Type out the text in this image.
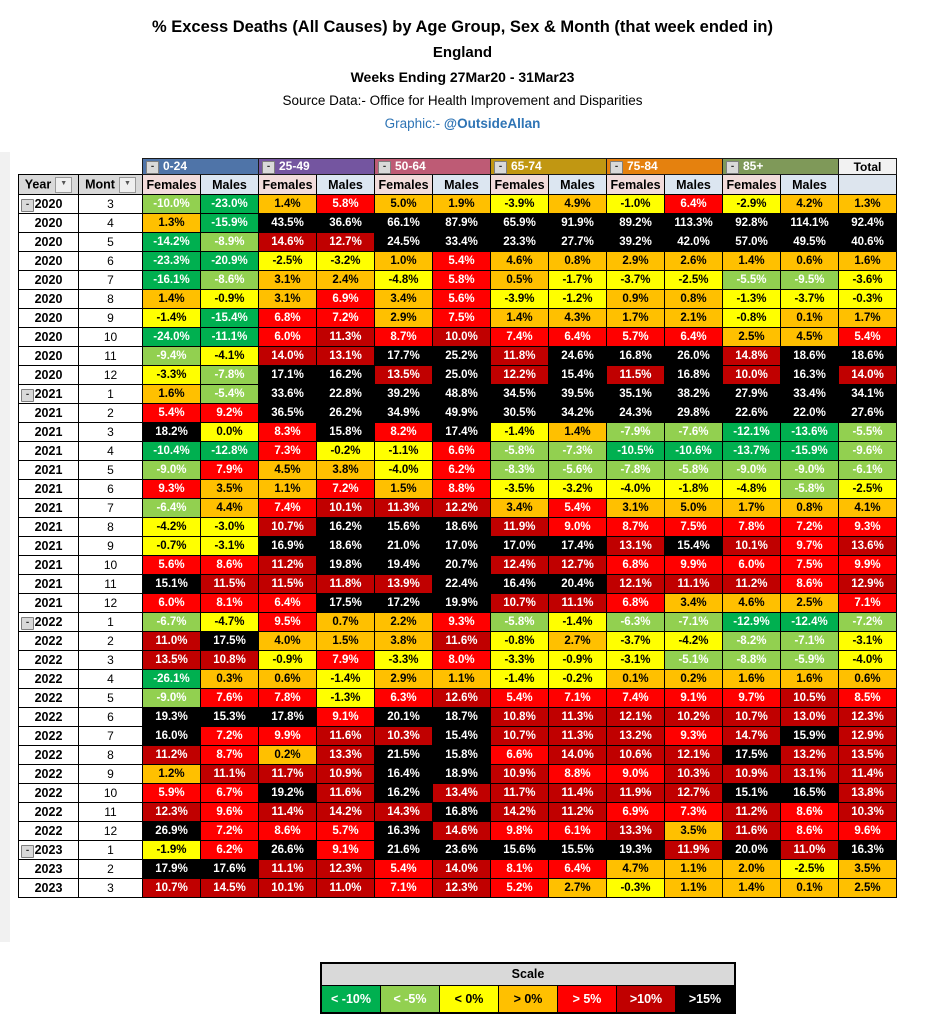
% Excess Deaths (All Causes) by Age Group, Sex & Month (that week ended in)
England
Weeks Ending 27Mar20 - 31Mar23
Source Data:- Office for Health Improvement and Disparities
Graphic:- @OutsideAllan
		- 0-24		- 25-49		- 50-64		- 65-74		- 75-84		- 85+		Total
Year ▼	Mont ▼	Females	Males	Females	Males	Females	Males	Females	Males	Females	Males	Females	Males	

- 2020	3	-10.0%	-23.0%	1.4%	5.8%	5.0%	1.9%	-3.9%	4.9%	-1.0%	6.4%	-2.9%	4.2%	1.3%
2020	4	1.3%	-15.9%	43.5%	36.6%	66.1%	87.9%	65.9%	91.9%	89.2%	113.3%	92.8%	114.1%	92.4%
2020	5	-14.2%	-8.9%	14.6%	12.7%	24.5%	33.4%	23.3%	27.7%	39.2%	42.0%	57.0%	49.5%	40.6%
2020	6	-23.3%	-20.9%	-2.5%	-3.2%	1.0%	5.4%	4.6%	0.8%	2.9%	2.6%	1.4%	0.6%	1.6%
2020	7	-16.1%	-8.6%	3.1%	2.4%	-4.8%	5.8%	0.5%	-1.7%	-3.7%	-2.5%	-5.5%	-9.5%	-3.6%
2020	8	1.4%	-0.9%	3.1%	6.9%	3.4%	5.6%	-3.9%	-1.2%	0.9%	0.8%	-1.3%	-3.7%	-0.3%
2020	9	-1.4%	-15.4%	6.8%	7.2%	2.9%	7.5%	1.4%	4.3%	1.7%	2.1%	-0.8%	0.1%	1.7%
2020	10	-24.0%	-11.1%	6.0%	11.3%	8.7%	10.0%	7.4%	6.4%	5.7%	6.4%	2.5%	4.5%	5.4%
2020	11	-9.4%	-4.1%	14.0%	13.1%	17.7%	25.2%	11.8%	24.6%	16.8%	26.0%	14.8%	18.6%	18.6%
2020	12	-3.3%	-7.8%	17.1%	16.2%	13.5%	25.0%	12.2%	15.4%	11.5%	16.8%	10.0%	16.3%	14.0%

- 2021	1	1.6%	-5.4%	33.6%	22.8%	39.2%	48.8%	34.5%	39.5%	35.1%	38.2%	27.9%	33.4%	34.1%
2021	2	5.4%	9.2%	36.5%	26.2%	34.9%	49.9%	30.5%	34.2%	24.3%	29.8%	22.6%	22.0%	27.6%
2021	3	18.2%	0.0%	8.3%	15.8%	8.2%	17.4%	-1.4%	1.4%	-7.9%	-7.6%	-12.1%	-13.6%	-5.5%
2021	4	-10.4%	-12.8%	7.3%	-0.2%	-1.1%	6.6%	-5.8%	-7.3%	-10.5%	-10.6%	-13.7%	-15.9%	-9.6%
2021	5	-9.0%	7.9%	4.5%	3.8%	-4.0%	6.2%	-8.3%	-5.6%	-7.8%	-5.8%	-9.0%	-9.0%	-6.1%
2021	6	9.3%	3.5%	1.1%	7.2%	1.5%	8.8%	-3.5%	-3.2%	-4.0%	-1.8%	-4.8%	-5.8%	-2.5%
2021	7	-6.4%	4.4%	7.4%	10.1%	11.3%	12.2%	3.4%	5.4%	3.1%	5.0%	1.7%	0.8%	4.1%
2021	8	-4.2%	-3.0%	10.7%	16.2%	15.6%	18.6%	11.9%	9.0%	8.7%	7.5%	7.8%	7.2%	9.3%
2021	9	-0.7%	-3.1%	16.9%	18.6%	21.0%	17.0%	17.0%	17.4%	13.1%	15.4%	10.1%	9.7%	13.6%
2021	10	5.6%	8.6%	11.2%	19.8%	19.4%	20.7%	12.4%	12.7%	6.8%	9.9%	6.0%	7.5%	9.9%
2021	11	15.1%	11.5%	11.5%	11.8%	13.9%	22.4%	16.4%	20.4%	12.1%	11.1%	11.2%	8.6%	12.9%
2021	12	6.0%	8.1%	6.4%	17.5%	17.2%	19.9%	10.7%	11.1%	6.8%	3.4%	4.6%	2.5%	7.1%

- 2022	1	-6.7%	-4.7%	9.5%	0.7%	2.2%	9.3%	-5.8%	-1.4%	-6.3%	-7.1%	-12.9%	-12.4%	-7.2%
2022	2	11.0%	17.5%	4.0%	1.5%	3.8%	11.6%	-0.8%	2.7%	-3.7%	-4.2%	-8.2%	-7.1%	-3.1%
2022	3	13.5%	10.8%	-0.9%	7.9%	-3.3%	8.0%	-3.3%	-0.9%	-3.1%	-5.1%	-8.8%	-5.9%	-4.0%
2022	4	-26.1%	0.3%	0.6%	-1.4%	2.9%	1.1%	-1.4%	-0.2%	0.1%	0.2%	1.6%	1.6%	0.6%
2022	5	-9.0%	7.6%	7.8%	-1.3%	6.3%	12.6%	5.4%	7.1%	7.4%	9.1%	9.7%	10.5%	8.5%
2022	6	19.3%	15.3%	17.8%	9.1%	20.1%	18.7%	10.8%	11.3%	12.1%	10.2%	10.7%	13.0%	12.3%
2022	7	16.0%	7.2%	9.9%	11.6%	10.3%	15.4%	10.7%	11.3%	13.2%	9.3%	14.7%	15.9%	12.9%
2022	8	11.2%	8.7%	0.2%	13.3%	21.5%	15.8%	6.6%	14.0%	10.6%	12.1%	17.5%	13.2%	13.5%
2022	9	1.2%	11.1%	11.7%	10.9%	16.4%	18.9%	10.9%	8.8%	9.0%	10.3%	10.9%	13.1%	11.4%
2022	10	5.9%	6.7%	19.2%	11.6%	16.2%	13.4%	11.7%	11.4%	11.9%	12.7%	15.1%	16.5%	13.8%
2022	11	12.3%	9.6%	11.4%	14.2%	14.3%	16.8%	14.2%	11.2%	6.9%	7.3%	11.2%	8.6%	10.3%
2022	12	26.9%	7.2%	8.6%	5.7%	16.3%	14.6%	9.8%	6.1%	13.3%	3.5%	11.6%	8.6%	9.6%

- 2023	1	-1.9%	6.2%	26.6%	9.1%	21.6%	23.6%	15.6%	15.5%	19.3%	11.9%	20.0%	11.0%	16.3%
2023	2	17.9%	17.6%	11.1%	12.3%	5.4%	14.0%	8.1%	6.4%	4.7%	1.1%	2.0%	-2.5%	3.5%
2023	3	10.7%	14.5%	10.1%	11.0%	7.1%	12.3%	5.2%	2.7%	-0.3%	1.1%	1.4%	0.1%	2.5%
Scale
< -10%	< -5%	< 0%	> 0%	> 5%	>10%	>15%
